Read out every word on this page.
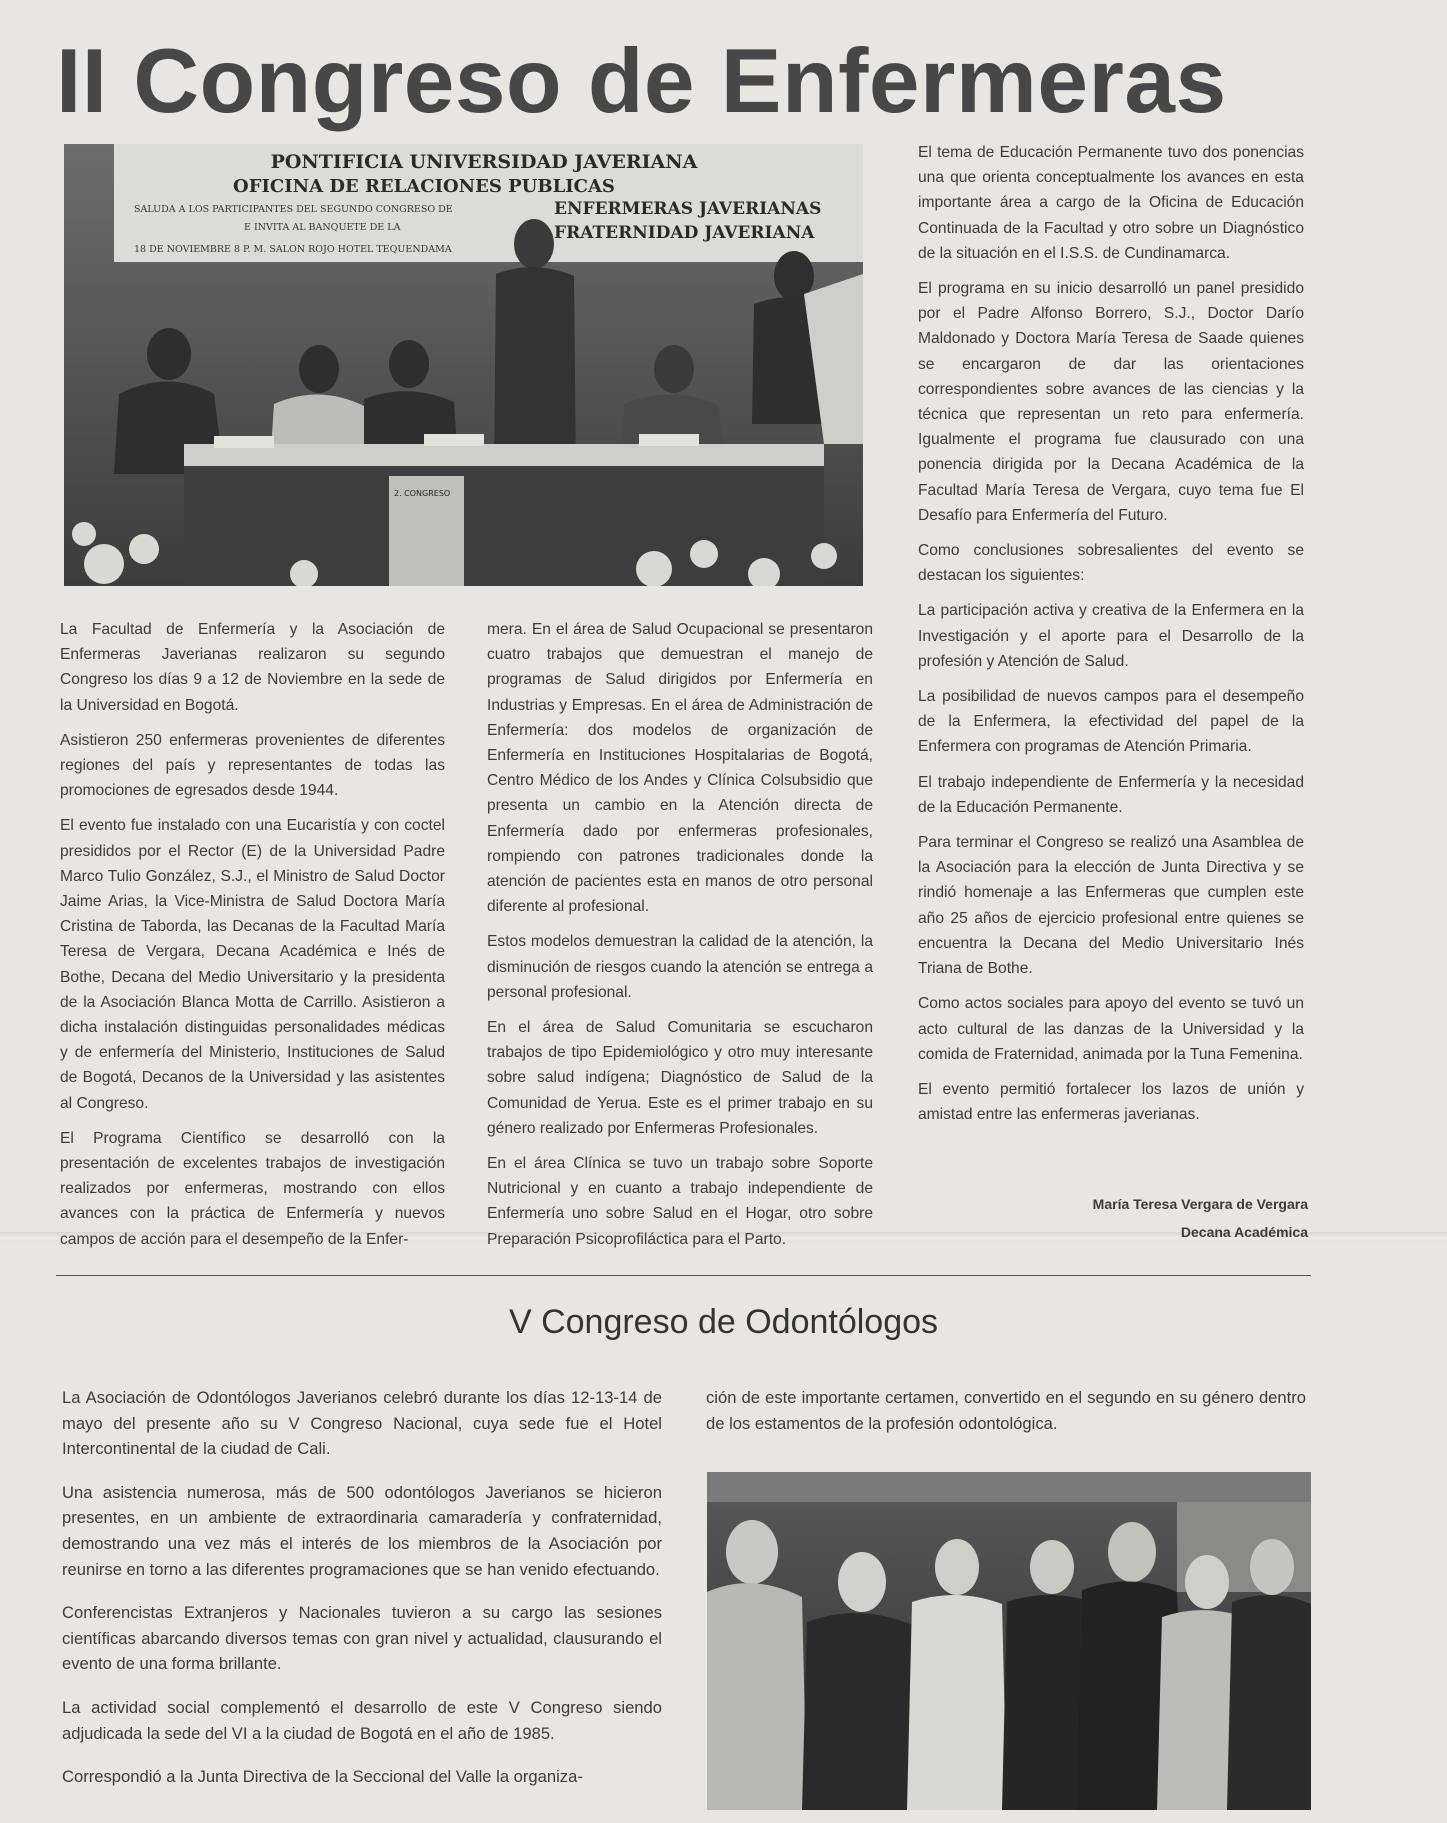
II Congreso de Enfermeras
PONTIFICIA UNIVERSIDAD JAVERIANA
OFICINA DE RELACIONES PUBLICAS
SALUDA A LOS PARTICIPANTES DEL SEGUNDO CONGRESO DE	ENFERMERAS JAVERIANAS
E INVITA AL BANQUETE DE LA	FRATERNIDAD JAVERIANA
18 DE NOVIEMBRE 8 P. M. SALON ROJO HOTEL TEQUENDAMA
2. CONGRESO

La Facultad de Enfermería y la Asociación de Enfermeras Javerianas realizaron su segundo Congreso los días 9 a 12 de Noviembre en la sede de la Universidad en Bogotá.

Asistieron 250 enfermeras provenientes de diferentes regiones del país y representantes de todas las promociones de egresados desde 1944.

El evento fue instalado con una Eucaristía y con coctel presididos por el Rector (E) de la Universidad Padre Marco Tulio González, S.J., el Ministro de Salud Doctor Jaime Arias, la Vice-Ministra de Salud Doctora María Cristina de Taborda, las Decanas de la Facultad María Teresa de Vergara, Decana Académica e Inés de Bothe, Decana del Medio Universitario y la presidenta de la Asociación Blanca Motta de Carrillo. Asistieron a dicha instalación distinguidas personalidades médicas y de enfermería del Ministerio, Instituciones de Salud de Bogotá, Decanos de la Universidad y las asistentes al Congreso.

El Programa Científico se desarrolló con la presentación de excelentes trabajos de investigación realizados por enfermeras, mostrando con ellos avances con la práctica de Enfermería y nuevos campos de acción para el desempeño de la Enfer-

mera. En el área de Salud Ocupacional se presentaron cuatro trabajos que demuestran el manejo de programas de Salud dirigidos por Enfermería en Industrias y Empresas. En el área de Administración de Enfermería: dos modelos de organización de Enfermería en Instituciones Hospitalarias de Bogotá, Centro Médico de los Andes y Clínica Colsubsidio que presenta un cambio en la Atención directa de Enfermería dado por enfermeras profesionales, rompiendo con patrones tradicionales donde la atención de pacientes esta en manos de otro personal diferente al profesional.

Estos modelos demuestran la calidad de la atención, la disminución de riesgos cuando la atención se entrega a personal profesional.

En el área de Salud Comunitaria se escucharon trabajos de tipo Epidemiológico y otro muy interesante sobre salud indígena; Diagnóstico de Salud de la Comunidad de Yerua. Este es el primer trabajo en su género realizado por Enfermeras Profesionales.

En el área Clínica se tuvo un trabajo sobre Soporte Nutricional y en cuanto a trabajo independiente de Enfermería uno sobre Salud en el Hogar, otro sobre Preparación Psicoprofiláctica para el Parto.

El tema de Educación Permanente tuvo dos ponencias una que orienta conceptualmente los avances en esta importante área a cargo de la Oficina de Educación Continuada de la Facultad y otro sobre un Diagnóstico de la situación en el I.S.S. de Cundinamarca.

El programa en su inicio desarrolló un panel presidido por el Padre Alfonso Borrero, S.J., Doctor Darío Maldonado y Doctora María Teresa de Saade quienes se encargaron de dar las orientaciones correspondientes sobre avances de las ciencias y la técnica que representan un reto para enfermería. Igualmente el programa fue clausurado con una ponencia dirigida por la Decana Académica de la Facultad María Teresa de Vergara, cuyo tema fue El Desafío para Enfermería del Futuro.

Como conclusiones sobresalientes del evento se destacan los siguientes:

La participación activa y creativa de la Enfermera en la Investigación y el aporte para el Desarrollo de la profesión y Atención de Salud.

La posibilidad de nuevos campos para el desempeño de la Enfermera, la efectividad del papel de la Enfermera con programas de Atención Primaria.

El trabajo independiente de Enfermería y la necesidad de la Educación Permanente.

Para terminar el Congreso se realizó una Asamblea de la Asociación para la elección de Junta Directiva y se rindió homenaje a las Enfermeras que cumplen este año 25 años de ejercicio profesional entre quienes se encuentra la Decana del Medio Universitario Inés Triana de Bothe.

Como actos sociales para apoyo del evento se tuvó un acto cultural de las danzas de la Universidad y la comida de Fraternidad, animada por la Tuna Femenina.

El evento permitió fortalecer los lazos de unión y amistad entre las enfermeras javerianas.

María Teresa Vergara de Vergara
Decana Académica
V Congreso de Odontólogos

La Asociación de Odontólogos Javerianos celebró durante los días 12-13-14 de mayo del presente año su V Congreso Nacional, cuya sede fue el Hotel Intercontinental de la ciudad de Cali.

Una asistencia numerosa, más de 500 odontólogos Javerianos se hicieron presentes, en un ambiente de extraordinaria camaradería y confraternidad, demostrando una vez más el interés de los miembros de la Asociación por reunirse en torno a las diferentes programaciones que se han venido efectuando.

Conferencistas Extranjeros y Nacionales tuvieron a su cargo las sesiones científicas abarcando diversos temas con gran nivel y actualidad, clausurando el evento de una forma brillante.

La actividad social complementó el desarrollo de este V Congreso siendo adjudicada la sede del VI a la ciudad de Bogotá en el año de 1985.

Correspondió a la Junta Directiva de la Seccional del Valle la organiza-

ción de este importante certamen, convertido en el segundo en su género dentro de los estamentos de la profesión odontológica.
